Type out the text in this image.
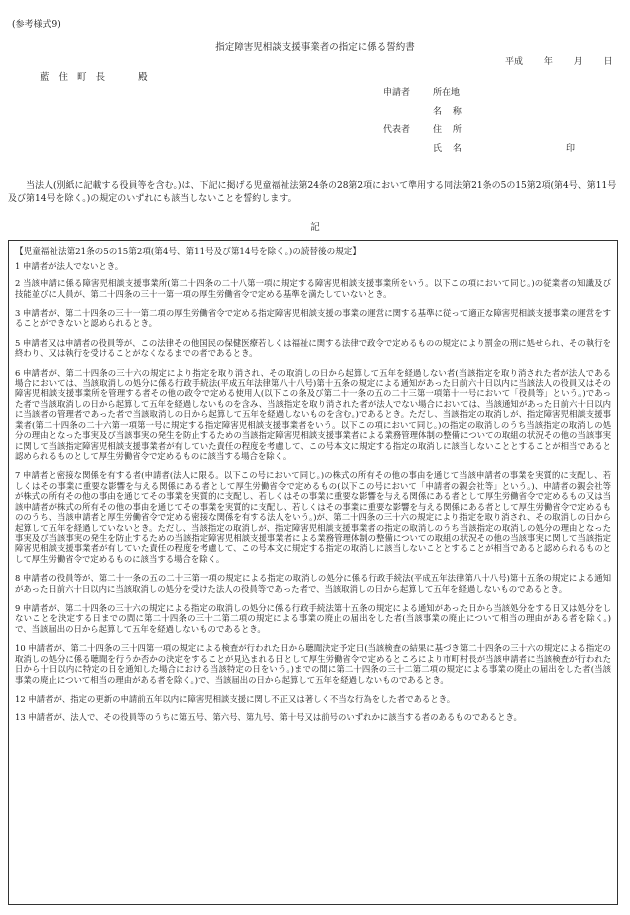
(参考様式9)
指定障害児相談支援事業者の指定に係る誓約書
平成 年 月 日
藍 住 町 長	殿
申請者	所在地
名 称
代表者	住 所
氏 名	印
当法人(別紙に記載する役員等を含む。)は、下記に掲げる児童福祉法第24条の28第2項において準用する同法第21条の5の15第2項(第4号、第11号及び第14号を除く。)の規定のいずれにも該当しないことを誓約します。
記
【児童福祉法第21条の5の15第2項(第4号、第11号及び第14号を除く。)の読替後の規定】
1 申請者が法人でないとき。
2 当該申請に係る障害児相談支援事業所(第二十四条の二十八第一項に規定する障害児相談支援事業所をいう。以下この項において同じ。)の従業者の知識及び技能並びに人員が、第二十四条の三十一第一項の厚生労働省令で定める基準を満たしていないとき。
3 申請者が、第二十四条の三十一第二項の厚生労働省令で定める指定障害児相談支援の事業の運営に関する基準に従って適正な障害児相談支援事業の運営をすることができないと認められるとき。
5 申請者又は申請者の役員等が、この法律その他国民の保健医療若しくは福祉に関する法律で政令で定めるものの規定により罰金の刑に処せられ、その執行を終わり、又は執行を受けることがなくなるまでの者であるとき。
6 申請者が、第二十四条の三十六の規定により指定を取り消され、その取消しの日から起算して五年を経過しない者(当該指定を取り消された者が法人である場合においては、当該取消しの処分に係る行政手続法(平成五年法律第八十八号)第十五条の規定による通知があった日前六十日以内に当該法人の役員又はその障害児相談支援事業所を管理する者その他の政令で定める使用人(以下この条及び第二十一条の五の二十三第一項第十一号において「役員等」という。)であった者で当該取消しの日から起算して五年を経過しないものを含み、当該指定を取り消された者が法人でない場合においては、当該通知があった日前六十日以内に当該者の管理者であった者で当該取消しの日から起算して五年を経過しないものを含む。)であるとき。ただし、当該指定の取消しが、指定障害児相談支援事業者(第二十四条の二十六第一項第一号に規定する指定障害児相談支援事業者をいう。以下この項において同じ。)の指定の取消しのうち当該指定の取消しの処分の理由となった事実及び当該事実の発生を防止するための当該指定障害児相談支援事業者による業務管理体制の整備についての取組の状況その他の当該事実に関して当該指定障害児相談支援事業者が有していた責任の程度を考慮して、この号本文に規定する指定の取消しに該当しないこととすることが相当であると認められるものとして厚生労働省令で定めるものに該当する場合を除く。
7 申請者と密接な関係を有する者(申請者(法人に限る。以下この号において同じ。)の株式の所有その他の事由を通じて当該申請者の事業を実質的に支配し、若しくはその事業に重要な影響を与える関係にある者として厚生労働省令で定めるもの(以下この号において「申請者の親会社等」という。)、申請者の親会社等が株式の所有その他の事由を通じてその事業を実質的に支配し、若しくはその事業に重要な影響を与える関係にある者として厚生労働省令で定めるもの又は当該申請者が株式の所有その他の事由を通じてその事業を実質的に支配し、若しくはその事業に重要な影響を与える関係にある者として厚生労働省令で定めるもののうち、当該申請者と厚生労働省令で定める密接な関係を有する法人をいう。)が、第二十四条の三十六の規定により指定を取り消され、その取消しの日から起算して五年を経過していないとき。ただし、当該指定の取消しが、指定障害児相談支援事業者の指定の取消しのうち当該指定の取消しの処分の理由となった事実及び当該事実の発生を防止するための当該指定障害児相談支援事業者による業務管理体制の整備についての取組の状況その他の当該事実に関して当該指定障害児相談支援事業者が有していた責任の程度を考慮して、この号本文に規定する指定の取消しに該当しないこととすることが相当であると認められるものとして厚生労働省令で定めるものに該当する場合を除く。
8 申請者の役員等が、第二十一条の五の二十三第一項の規定による指定の取消しの処分に係る行政手続法(平成五年法律第八十八号)第十五条の規定による通知があった日前六十日以内に当該取消しの処分を受けた法人の役員等であった者で、当該取消しの日から起算して五年を経過しないものであるとき。
9 申請者が、第二十四条の三十六の規定による指定の取消しの処分に係る行政手続法第十五条の規定による通知があった日から当該処分をする日又は処分をしないことを決定する日までの間に第二十四条の三十二第二項の規定による事業の廃止の届出をした者(当該事業の廃止について相当の理由がある者を除く。)で、当該届出の日から起算して五年を経過しないものであるとき。
10 申請者が、第二十四条の三十四第一項の規定による検査が行われた日から聴聞決定予定日(当該検査の結果に基づき第二十四条の三十六の規定による指定の取消しの処分に係る聴聞を行うか否かの決定をすることが見込まれる日として厚生労働省令で定めるところにより市町村長が当該申請者に当該検査が行われた日から十日以内に特定の日を通知した場合における当該特定の日をいう。)までの間に第二十四条の三十二第二項の規定による事業の廃止の届出をした者(当該事業の廃止について相当の理由がある者を除く。)で、当該届出の日から起算して五年を経過しないものであるとき。
12 申請者が、指定の更新の申請前五年以内に障害児相談支援に関し不正又は著しく不当な行為をした者であるとき。
13 申請者が、法人で、その役員等のうちに第五号、第六号、第九号、第十号又は前号のいずれかに該当する者のあるものであるとき。
